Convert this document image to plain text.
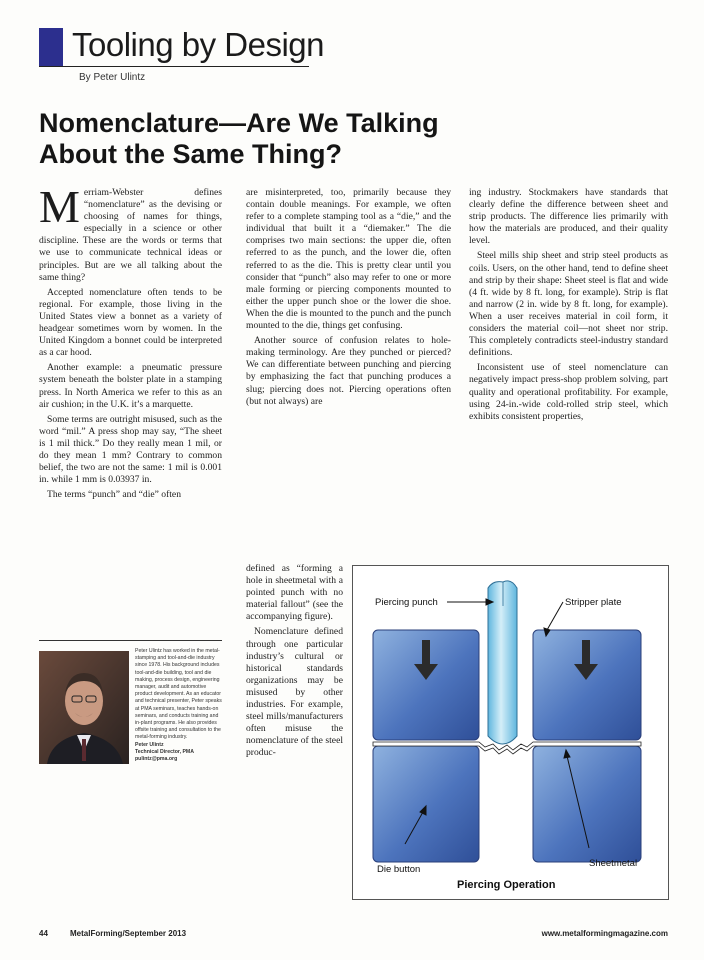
Tooling by Design
By Peter Ulintz
Nomenclature—Are We Talking About the Same Thing?

Merriam-Webster defines “nomenclature” as the devising or choosing of names for things, especially in a science or other discipline. These are the words or terms that we use to communicate technical ideas or principles. But are we all talking about the same thing?

Accepted nomenclature often tends to be regional. For example, those living in the United States view a bonnet as a variety of headgear sometimes worn by women. In the United Kingdom a bonnet could be interpreted as a car hood.

Another example: a pneumatic pressure system beneath the bolster plate in a stamping press. In North America we refer to this as an air cushion; in the U.K. it’s a marquette.

Some terms are outright misused, such as the word “mil.” A press shop may say, “The sheet is 1 mil thick.” Do they really mean 1 mil, or do they mean 1 mm? Contrary to common belief, the two are not the same: 1 mil is 0.001 in. while 1 mm is 0.03937 in.

The terms “punch” and “die” often

are misinterpreted, too, primarily because they contain double meanings. For example, we often refer to a complete stamping tool as a “die,” and the individual that built it a “diemaker.” The die comprises two main sections: the upper die, often referred to as the punch, and the lower die, often referred to as the die. This is pretty clear until you consider that “punch” also may refer to one or more male forming or piercing components mounted to either the upper punch shoe or the lower die shoe. When the die is mounted to the punch and the punch mounted to the die, things get confusing.

Another source of confusion relates to hole-making terminology. Are they punched or pierced? We can differentiate between punching and piercing by emphasizing the fact that punching produces a slug; piercing does not. Piercing operations often (but not always) are

defined as “forming a hole in sheetmetal with a pointed punch with no material fallout” (see the accompanying figure).

Nomenclature defined through one particular industry’s cultural or historical standards organizations may be misused by other industries. For example, steel mills/manufacturers often misuse the nomenclature of the steel produc-

ing industry. Stockmakers have standards that clearly define the difference between sheet and strip products. The difference lies primarily with how the materials are produced, and their quality level.

Steel mills ship sheet and strip steel products as coils. Users, on the other hand, tend to define sheet and strip by their shape: Sheet steel is flat and wide (4 ft. wide by 8 ft. long, for example). Strip is flat and narrow (2 in. wide by 8 ft. long, for example). When a user receives material in coil form, it considers the material coil—not sheet nor strip. This completely contradicts steel-industry standard definitions.

Inconsistent use of steel nomenclature can negatively impact press-shop problem solving, part quality and operational profitability. For example, using 24-in.-wide cold-rolled strip steel, which exhibits consistent properties,

Peter Ulintz has worked in the metal-stamping and tool-and-die industry since 1978. His background includes tool-and-die building, tool and die making, process design, engineering manager, audit and automotive product development. As an educator and technical presenter, Peter speaks at PMA seminars, teaches hands-on seminars, and conducts training and in-plant programs. He also provides offsite training and consultation to the metal-forming industry.
Peter Ulintz
Technical Director, PMA
pulintz@pma.org
Piercing punch	Stripper plate
Die button
Sheetmetal
Piercing Operation
44	MetalForming/September 2013	www.metalformingmagazine.com
